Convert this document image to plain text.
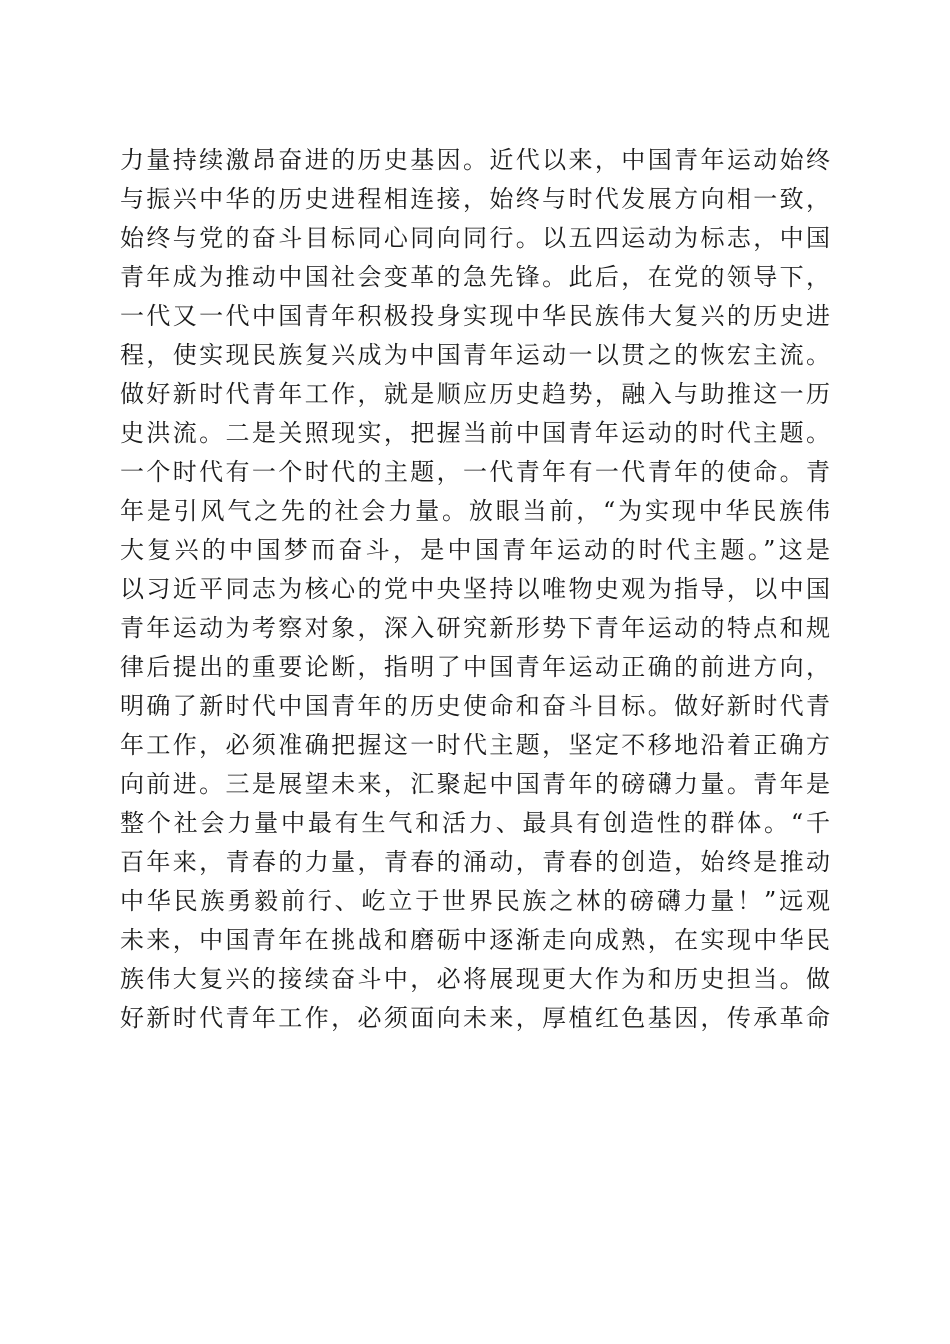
力量持续激昂奋进的历史基因。近代以来，中国青年运动始终
与振兴中华的历史进程相连接，始终与时代发展方向相一致，
始终与党的奋斗目标同心同向同行。以五四运动为标志，中国
青年成为推动中国社会变革的急先锋。此后，在党的领导下，
一代又一代中国青年积极投身实现中华民族伟大复兴的历史进
程，使实现民族复兴成为中国青年运动一以贯之的恢宏主流。
做好新时代青年工作，就是顺应历史趋势，融入与助推这一历
史洪流。二是关照现实，把握当前中国青年运动的时代主题。
一个时代有一个时代的主题，一代青年有一代青年的使命。青
年是引风气之先的社会力量。放眼当前，“为实现中华民族伟
大复兴的中国梦而奋斗，是中国青年运动的时代主题。”这是
以习近平同志为核心的党中央坚持以唯物史观为指导，以中国
青年运动为考察对象，深入研究新形势下青年运动的特点和规
律后提出的重要论断，指明了中国青年运动正确的前进方向，
明确了新时代中国青年的历史使命和奋斗目标。做好新时代青
年工作，必须准确把握这一时代主题，坚定不移地沿着正确方
向前进。三是展望未来，汇聚起中国青年的磅礴力量。青年是
整个社会力量中最有生气和活力、最具有创造性的群体。“千
百年来，青春的力量，青春的涌动，青春的创造，始终是推动
中华民族勇毅前行、屹立于世界民族之林的磅礴力量！”远观
未来，中国青年在挑战和磨砺中逐渐走向成熟，在实现中华民
族伟大复兴的接续奋斗中，必将展现更大作为和历史担当。做
好新时代青年工作，必须面向未来，厚植红色基因，传承革命
